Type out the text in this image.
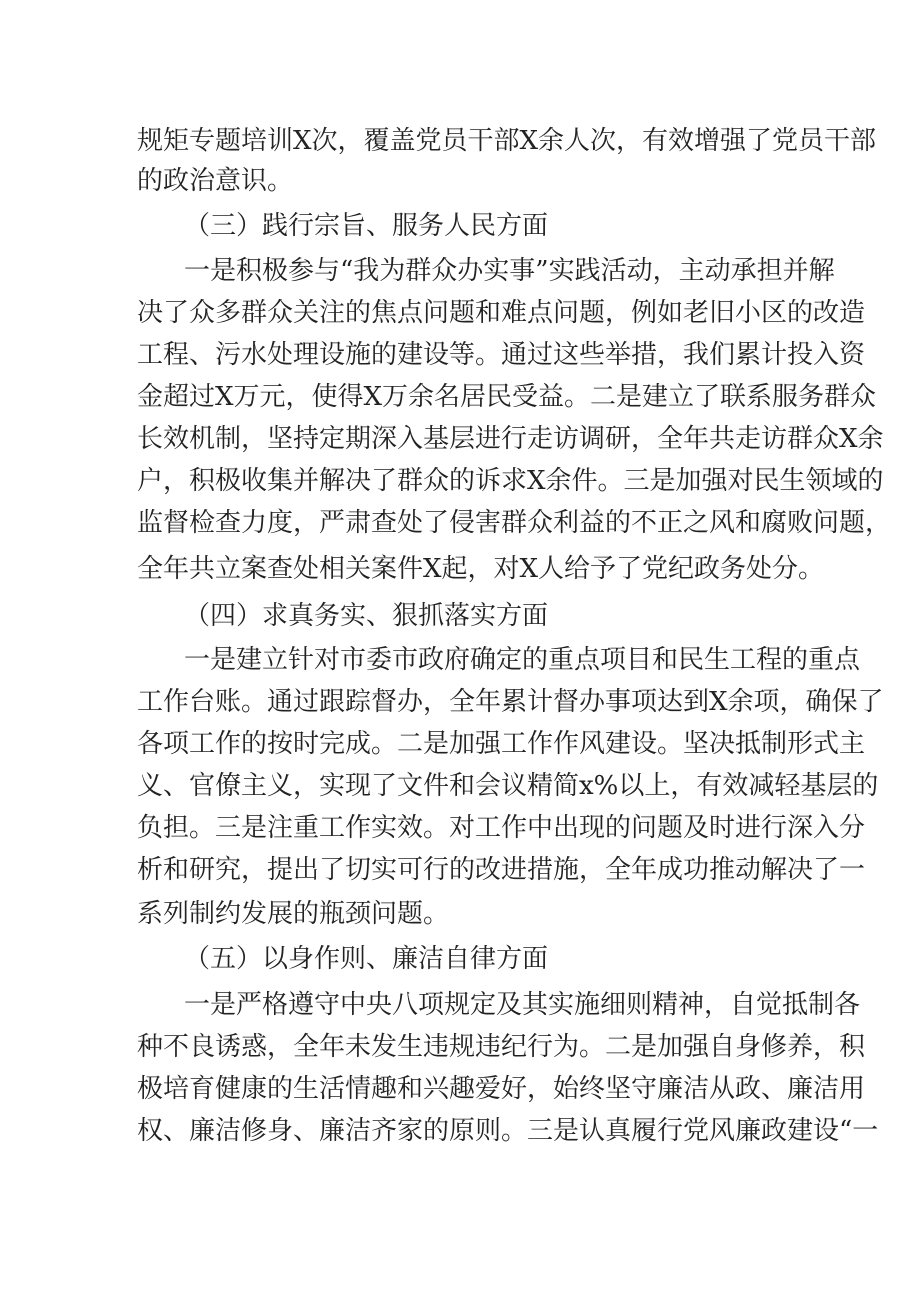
规矩专题培训X次，覆盖党员干部X余人次，有效增强了党员干部
的政治意识。
（三）践行宗旨、服务人民方面
一是积极参与“我为群众办实事”实践活动，主动承担并解
决了众多群众关注的焦点问题和难点问题，例如老旧小区的改造
工程、污水处理设施的建设等。通过这些举措，我们累计投入资
金超过X万元，使得X万余名居民受益。二是建立了联系服务群众
长效机制，坚持定期深入基层进行走访调研，全年共走访群众X余
户，积极收集并解决了群众的诉求X余件。三是加强对民生领域的
监督检查力度，严肃查处了侵害群众利益的不正之风和腐败问题，
全年共立案查处相关案件X起，对X人给予了党纪政务处分。
（四）求真务实、狠抓落实方面
一是建立针对市委市政府确定的重点项目和民生工程的重点
工作台账。通过跟踪督办，全年累计督办事项达到X余项，确保了
各项工作的按时完成。二是加强工作作风建设。坚决抵制形式主
义、官僚主义，实现了文件和会议精简x%以上，有效减轻基层的
负担。三是注重工作实效。对工作中出现的问题及时进行深入分
析和研究，提出了切实可行的改进措施，全年成功推动解决了一
系列制约发展的瓶颈问题。
（五）以身作则、廉洁自律方面
一是严格遵守中央八项规定及其实施细则精神，自觉抵制各
种不良诱惑，全年未发生违规违纪行为。二是加强自身修养，积
极培育健康的生活情趣和兴趣爱好，始终坚守廉洁从政、廉洁用
权、廉洁修身、廉洁齐家的原则。三是认真履行党风廉政建设“一
